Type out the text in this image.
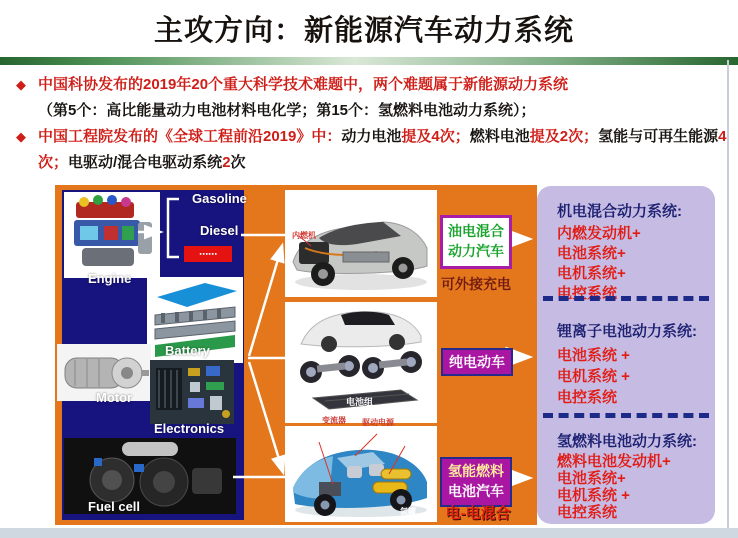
主攻方向：新能源汽车动力系统
◆ 中国科协发布的2019年20个重大科学技术难题中，两个难题属于新能源动力系统
（第5个：高比能量动力电池材料电化学；第15个：氢燃料电池动力系统）；
◆ 中国工程院发布的《全球工程前沿2019》中：动力电池提及4次；燃料电池提及2次；氢能与可再生能源4次；电驱动/混合电驱动系统2次
Gasoline
Diesel
⋯⋯
Engine
Battery
Motor
Electronics
Fuel cell
油电混合
动力汽车
可外接充电
纯电动车
氢能燃料
电池汽车
电-电混合
内燃机
电池组
变流器 驱动电源
氢罐
机电混合动力系统:
内燃发动机+
电池系统+
电机系统+
电控系统
锂离子电池动力系统:
电池系统 +
电机系统 +
电控系统
氢燃料电池动力系统:
燃料电池发动机+
电池系统+
电机系统 +
电控系统
